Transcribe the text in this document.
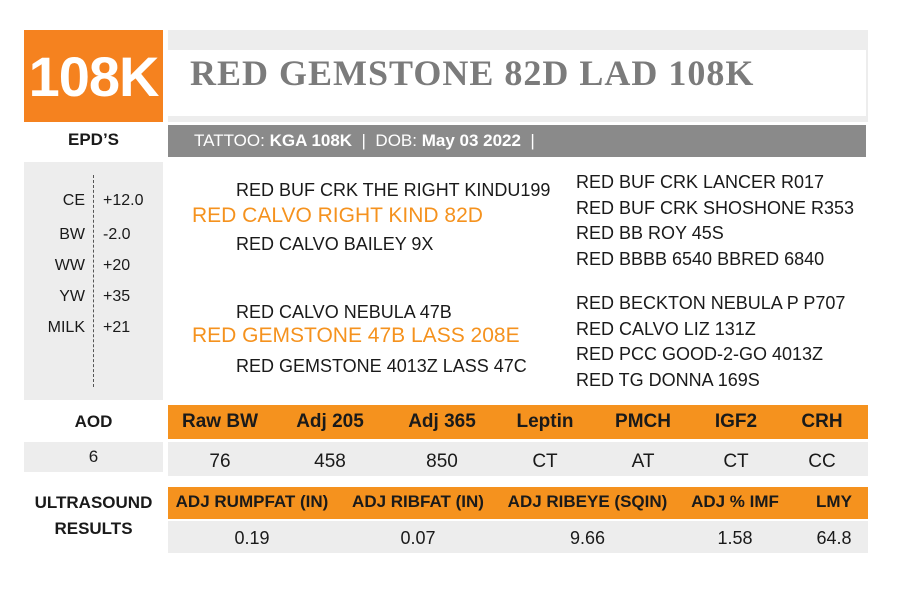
108K RED GEMSTONE 82D LAD 108K
EPD’S	TATTOO:
KGA 108K
|
DOB:
May 03 2022
|
CE +12.0
BW -2.0
WW +20
YW +35
MILK +21
RED BUF CRK THE RIGHT KINDU199
RED CALVO RIGHT KIND 82D
RED CALVO BAILEY 9X
RED BUF CRK LANCER R017
RED BUF CRK SHOSHONE R353
RED BB ROY 45S
RED BBBB 6540 BBRED 6840
RED CALVO NEBULA 47B
RED GEMSTONE 47B LASS 208E
RED GEMSTONE 4013Z LASS 47C
RED BECKTON NEBULA P P707
RED CALVO LIZ 131Z
RED PCC GOOD-2-GO 4013Z
RED TG DONNA 169S
AOD
6
Raw BW	Adj 205	Adj 365	Leptin	PMCH	IGF2	CRH
76	458	850	CT	AT	CT	CC
ULTRASOUND
RESULTS
ADJ RUMPFAT (IN)	ADJ RIBFAT (IN)	ADJ RIBEYE (SQIN)	ADJ % IMF	LMY
0.19	0.07	9.66	1.58	64.8
